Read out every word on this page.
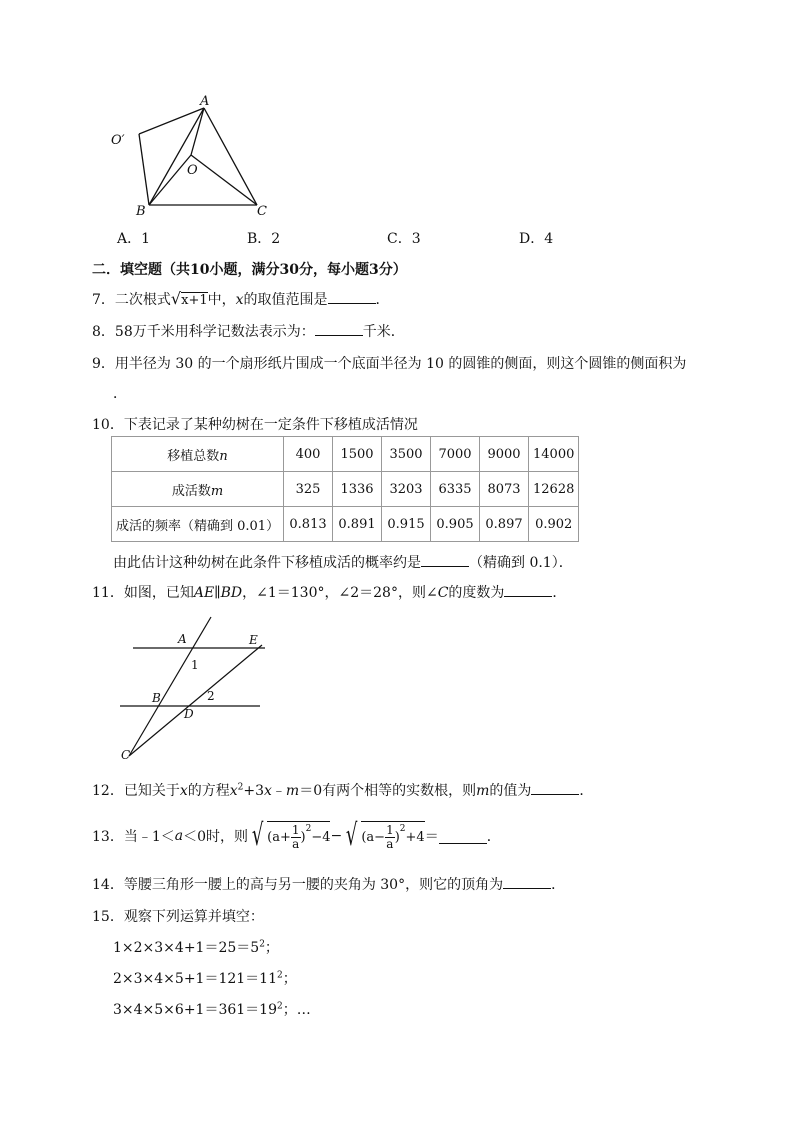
A
O′
O
B	C
A．1	B．2	C．3	D．4
二．填空题（共10小题，满分30分，每小题3分）
7．二次根式√x+1中，x的取值范围是	．
8．58万千米用科学记数法表示为：	千米．
9．用半径为 30 的一个扇形纸片围成一个底面半径为 10 的圆锥的侧面，则这个圆锥的侧面积为
．
10．下表记录了某种幼树在一定条件下移植成活情况
移植总数n	400	1500	3500	7000	9000	14000
成活数m	325	1336	3203	6335	8073	12628
成活的频率（精确到 0.01）	0.813	0.891	0.915	0.905	0.897	0.902
由此估计这种幼树在此条件下移植成活的概率约是	（精确到 0.1）．
11．如图，已知AE∥BD，∠1＝130°，∠2＝28°，则∠C的度数为	．
A	E
1
B	2
D
C
12．已知关于x的方程$x^2+3x﹣m=0$有两个相等的实数根，则m的值为	．
13．当﹣1＜ a ＜0时，则 √ ($a+ \frac{1}{a}$ )
$^2$
−4 − √ ($a- \frac{1}{a}$ )
$^2$
+4 ＝	．
14．等腰三角形一腰上的高与另一腰的夹角为 30°，则它的顶角为	．
15．观察下列运算并填空：
$1\times 2\times 3\times 4+1=25=5^2$；
$2\times 3\times 4\times 5+1=121=11^2$；
$3\times 4\times 5\times 6+1=361=19^2$；…
